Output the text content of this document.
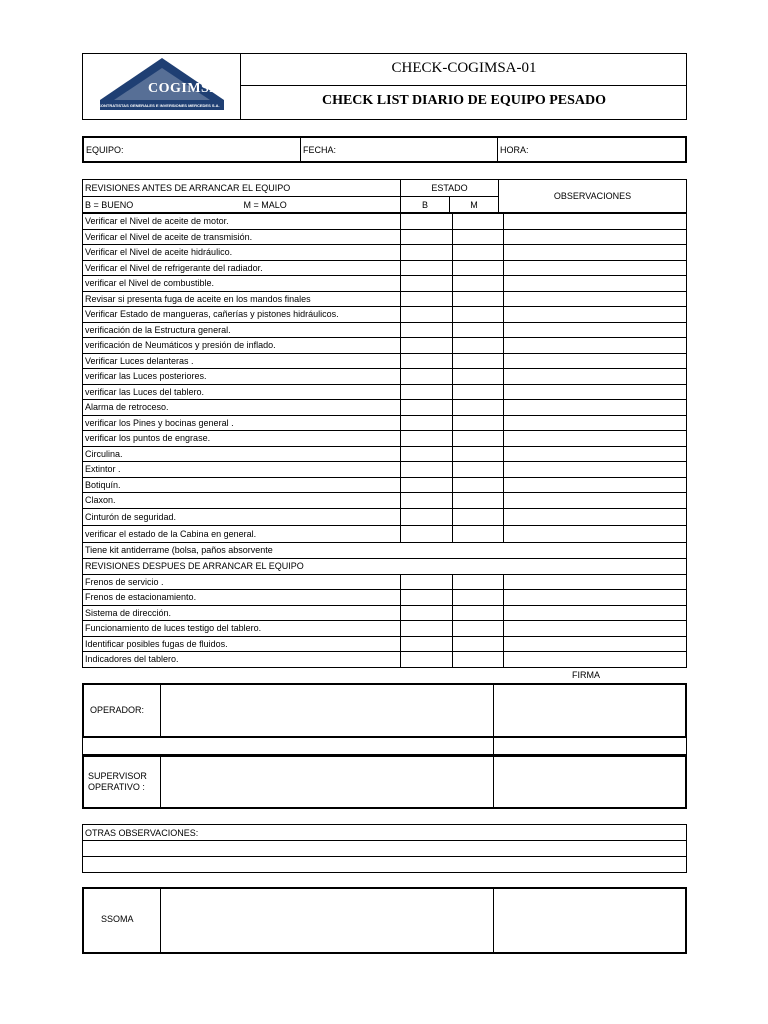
COGIMSA
CONTRATISTAS GENERALES E INVERSIONES MERCEDES S.A.
CHECK-COGIMSA-01
CHECK LIST DIARIO DE EQUIPO PESADO
EQUIPO:	FECHA:	HORA:
REVISIONES ANTES DE ARRANCAR EL EQUIPO		ESTADO		OBSERVACIONES
B = BUENO	M = MALO	B	M	
Verificar el Nivel de aceite de motor.			
Verificar el Nivel de aceite de transmisión.			
Verificar el Nivel de aceite hidráulico.			
Verificar el Nivel de refrigerante del radiador.			
verificar el Nivel de combustible.			
Revisar si presenta fuga de aceite en los mandos finales			
Verificar Estado de mangueras, cañerías y pistones hidráulicos.			
verificación de la Estructura general.			
verificación de Neumáticos y presión de inflado.			
Verificar Luces delanteras .			
verificar las Luces posteriores.			
verificar las Luces del tablero.			
Alarma de retroceso.			
verificar los Pines y bocinas general .			
verificar los puntos de engrase.			
Circulina.			
Extintor .			
Botiquín.			
Claxon.			
Cinturón de seguridad.			
verificar el estado de la Cabina en general.			
Tiene kit antiderrame (bolsa, paños absorvente			
REVISIONES DESPUES DE ARRANCAR EL EQUIPO			
Frenos de servicio .			
Frenos de estacionamiento.			
Sistema de dirección.			
Funcionamiento de luces testigo del tablero.			
Identificar posibles fugas de fluidos.			
Indicadores del tablero.			
FIRMA
OPERADOR:
SUPERVISOR
OPERATIVO :
OTRAS OBSERVACIONES:

SSOMA
